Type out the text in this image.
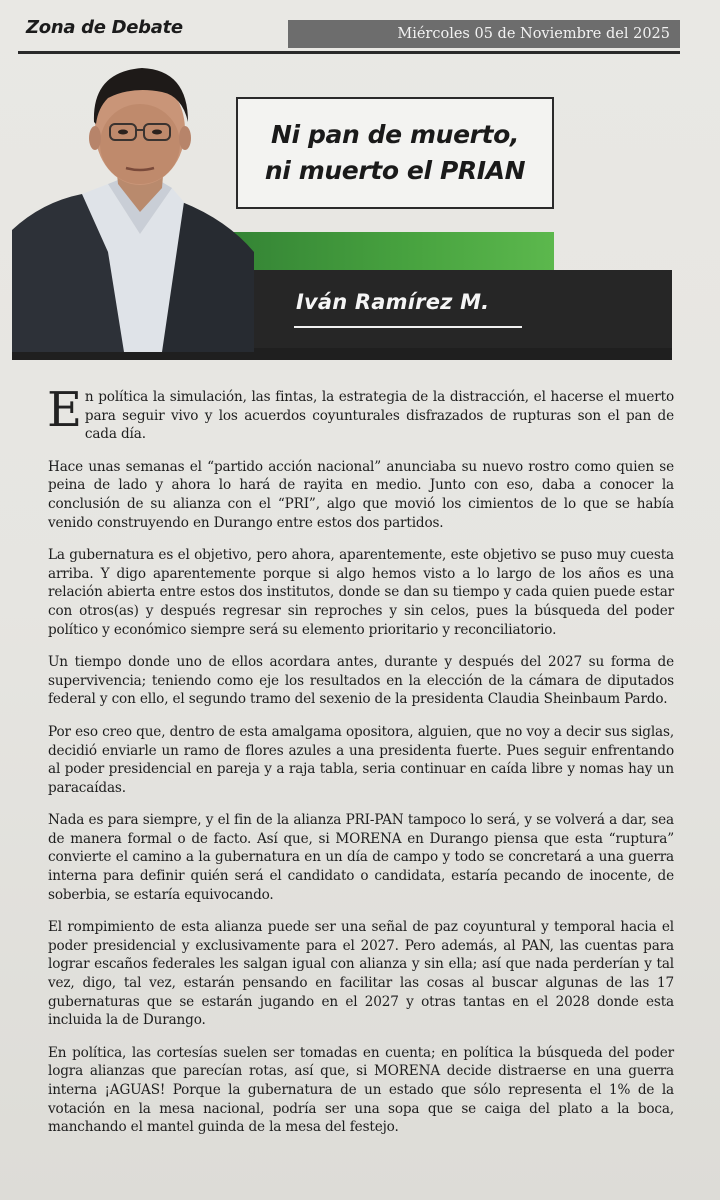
Zona de Debate	Miércoles 05 de Noviembre del 2025
Iván Ramírez M.
Ni pan de muerto,
ni muerto el PRIAN

En política la simulación, las fintas, la estrategia de la distracción, el hacerse el muerto para seguir vivo y los acuerdos coyunturales disfrazados de rupturas son el pan de cada día.

Hace unas semanas el “partido acción nacional” anunciaba su nuevo rostro como quien se peina de lado y ahora lo hará de rayita en medio. Junto con eso, daba a conocer la conclusión de su alianza con el “PRI”, algo que movió los cimientos de lo que se había venido construyendo en Durango entre estos dos partidos.

La gubernatura es el objetivo, pero ahora, aparentemente, este objetivo se puso muy cuesta arriba. Y digo aparentemente porque si algo hemos visto a lo largo de los años es una relación abierta entre estos dos institutos, donde se dan su tiempo y cada quien puede estar con otros(as) y después regresar sin reproches y sin celos, pues la búsqueda del poder político y económico siempre será su elemento prioritario y reconciliatorio.

Un tiempo donde uno de ellos acordara antes, durante y después del 2027 su forma de supervivencia; teniendo como eje los resultados en la elección de la cámara de diputados federal y con ello, el segundo tramo del sexenio de la presidenta Claudia Sheinbaum Pardo.

Por eso creo que, dentro de esta amalgama opositora, alguien, que no voy a decir sus siglas, decidió enviarle un ramo de flores azules a una presidenta fuerte. Pues seguir enfrentando al poder presidencial en pareja y a raja tabla, seria continuar en caída libre y nomas hay un paracaídas.

Nada es para siempre, y el fin de la alianza PRI-PAN tampoco lo será, y se volverá a dar, sea de manera formal o de facto. Así que, si MORENA en Durango piensa que esta “ruptura” convierte el camino a la gubernatura en un día de campo y todo se concretará a una guerra interna para definir quién será el candidato o candidata, estaría pecando de inocente, de soberbia, se estaría equivocando.

El rompimiento de esta alianza puede ser una señal de paz coyuntural y temporal hacia el poder presidencial y exclusivamente para el 2027. Pero además, al PAN, las cuentas para lograr escaños federales les salgan igual con alianza y sin ella; así que nada perderían y tal vez, digo, tal vez, estarán pensando en facilitar las cosas al buscar algunas de las 17 gubernaturas que se estarán jugando en el 2027 y otras tantas en el 2028 donde esta incluida la de Durango.

En política, las cortesías suelen ser tomadas en cuenta; en política la búsqueda del poder logra alianzas que parecían rotas, así que, si MORENA decide distraerse en una guerra interna ¡AGUAS! Porque la gubernatura de un estado que sólo representa el 1% de la votación en la mesa nacional, podría ser una sopa que se caiga del plato a la boca, manchando el mantel guinda de la mesa del festejo.
